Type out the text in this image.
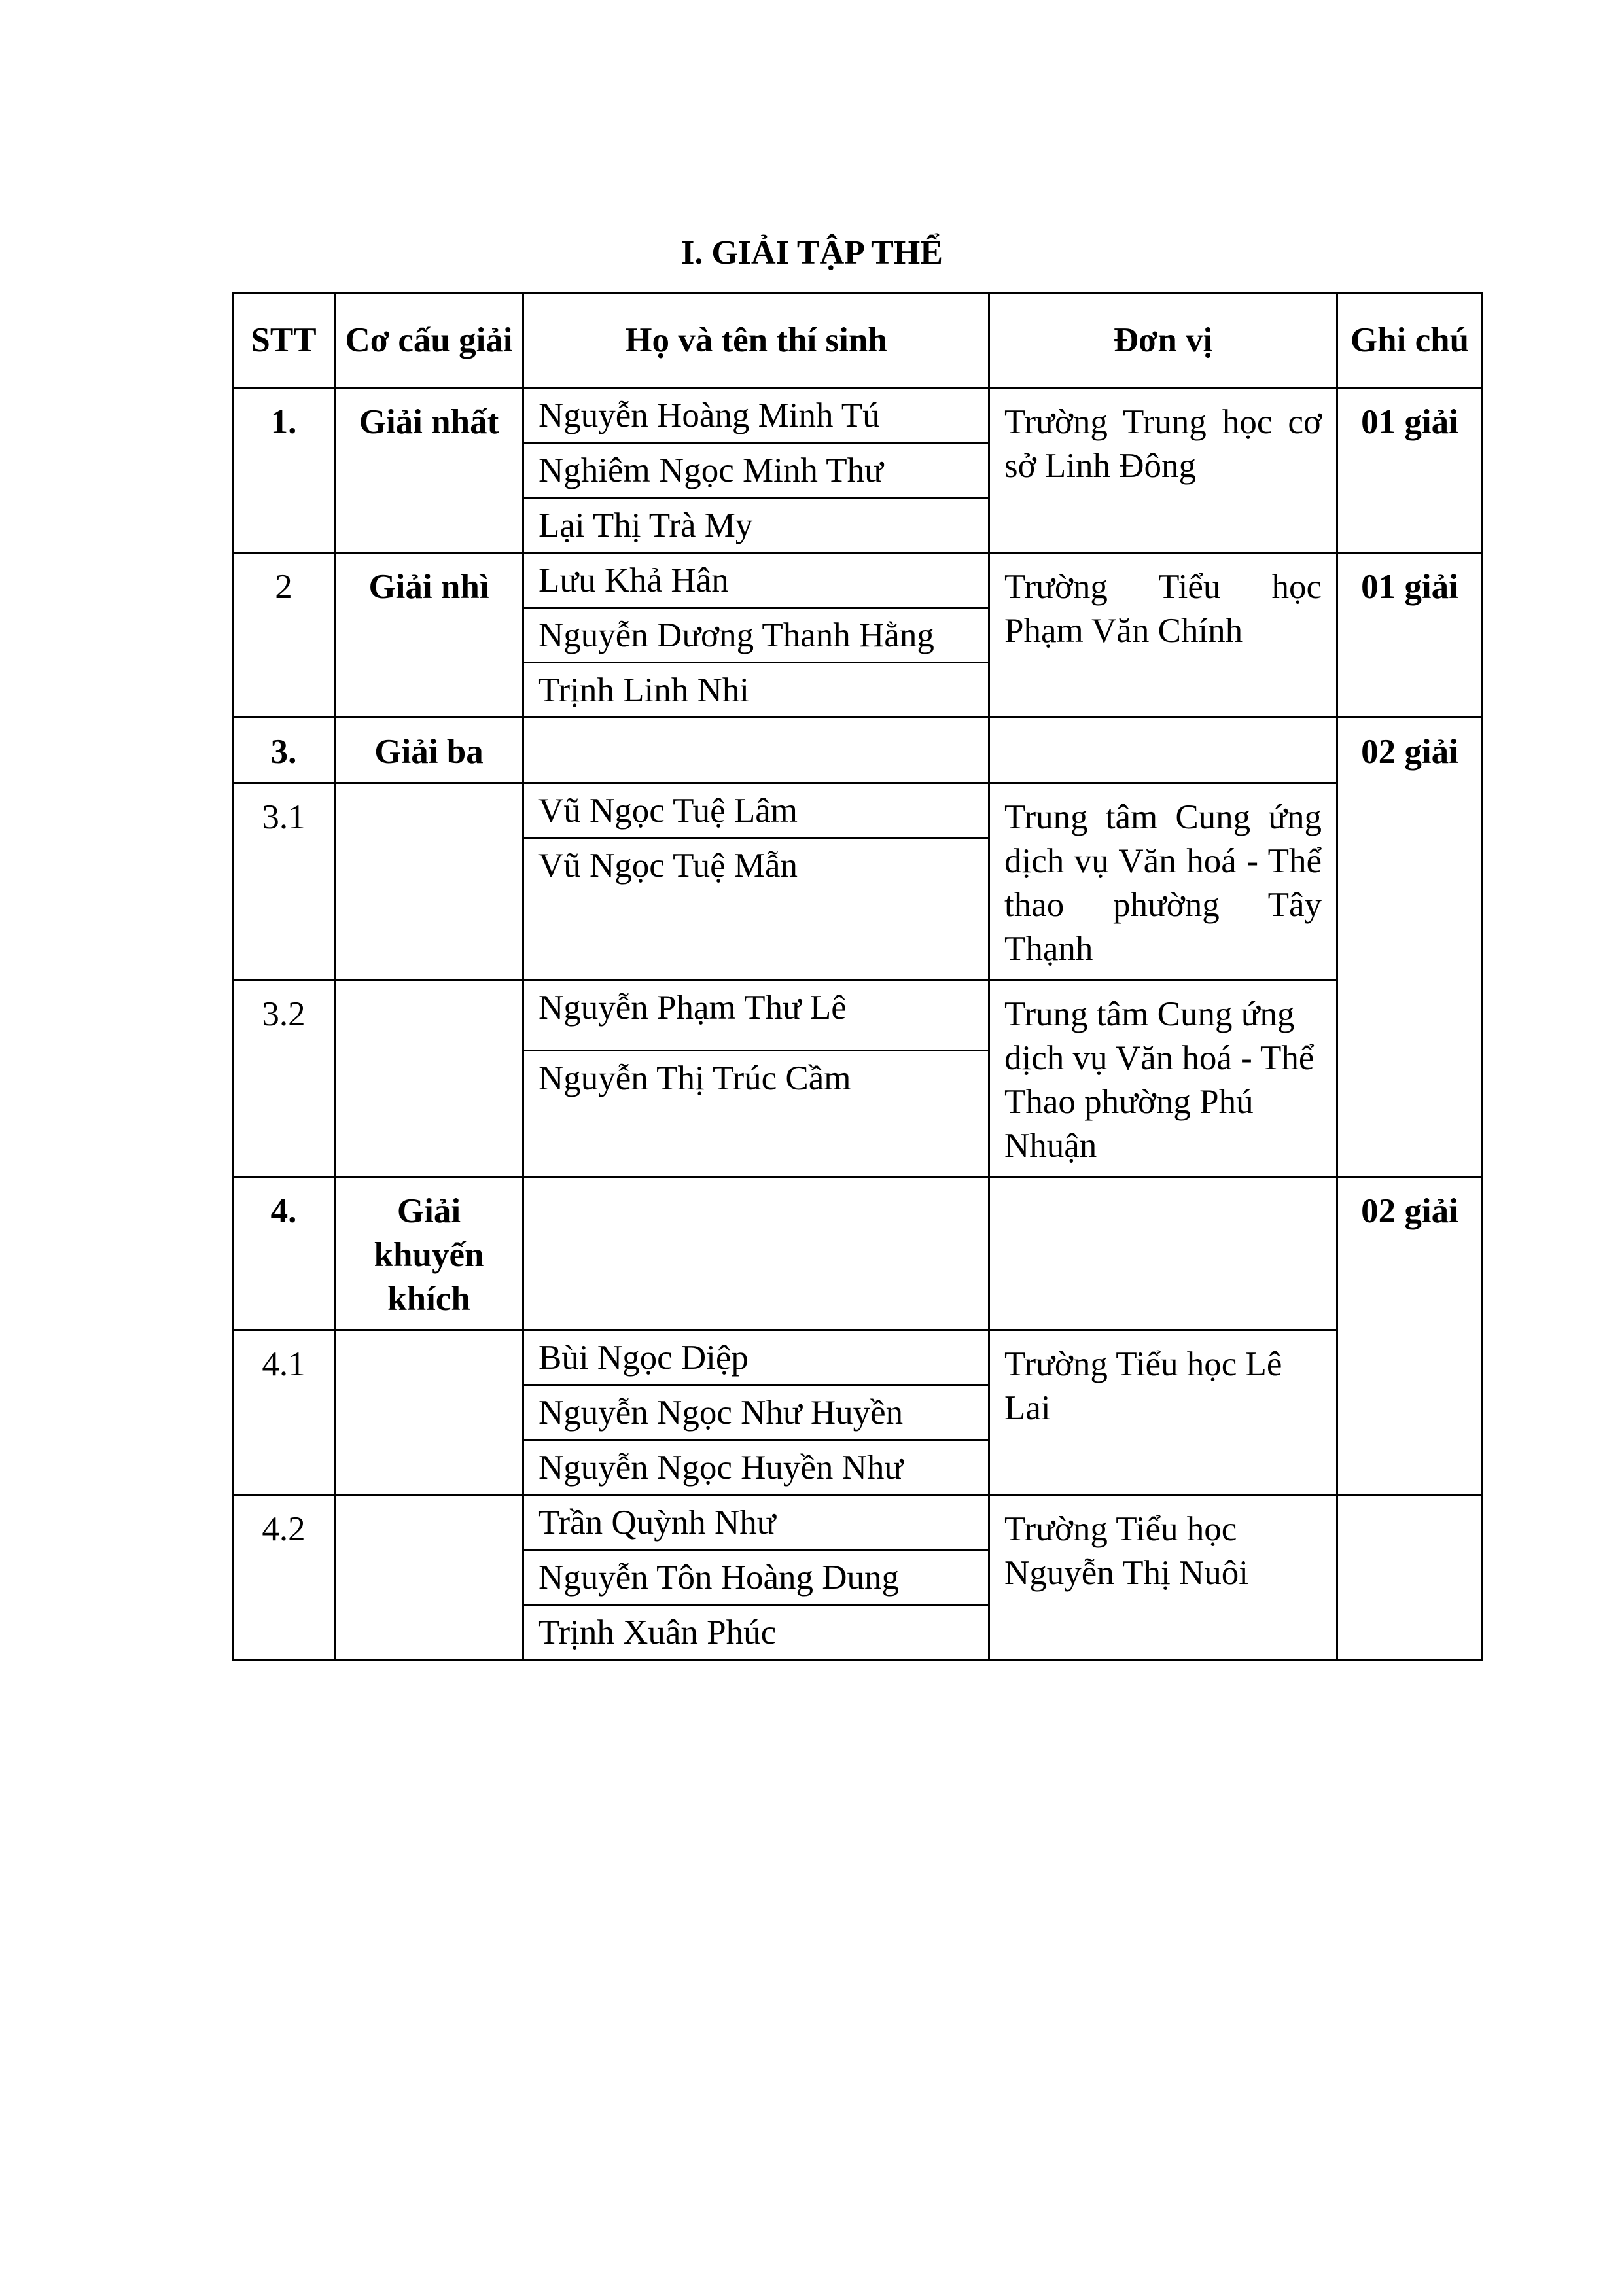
I. GIẢI TẬP THỂ
STT	Cơ cấu giải	Họ và tên thí sinh	Đơn vị	Ghi chú
1.	Giải nhất	Nguyễn Hoàng Minh Tú	Trường Trung học cơ sở Linh Đông	01 giải
		Nghiêm Ngọc Minh Thư		
		Lại Thị Trà My		
2	Giải nhì	Lưu Khả Hân	Trường Tiểu học Phạm Văn Chính	01 giải
		Nguyễn Dương Thanh Hằng		
		Trịnh Linh Nhi		
3.	Giải ba			02 giải
3.1		Vũ Ngọc Tuệ Lâm	Trung tâm Cung ứng dịch vụ Văn hoá - Thể thao phường Tây Thạnh	
		Vũ Ngọc Tuệ Mẫn		
3.2		Nguyễn Phạm Thư Lê	Trung tâm Cung ứng dịch vụ Văn hoá - Thể Thao phường Phú Nhuận	
		Nguyễn Thị Trúc Cầm		
4.	Giải khuyến khích			02 giải
4.1		Bùi Ngọc Diệp	Trường Tiểu học Lê Lai	
		Nguyễn Ngọc Như Huyền		
		Nguyễn Ngọc Huyền Như		
4.2		Trần Quỳnh Như	Trường Tiểu học Nguyễn Thị Nuôi	
		Nguyễn Tôn Hoàng Dung		
		Trịnh Xuân Phúc		
